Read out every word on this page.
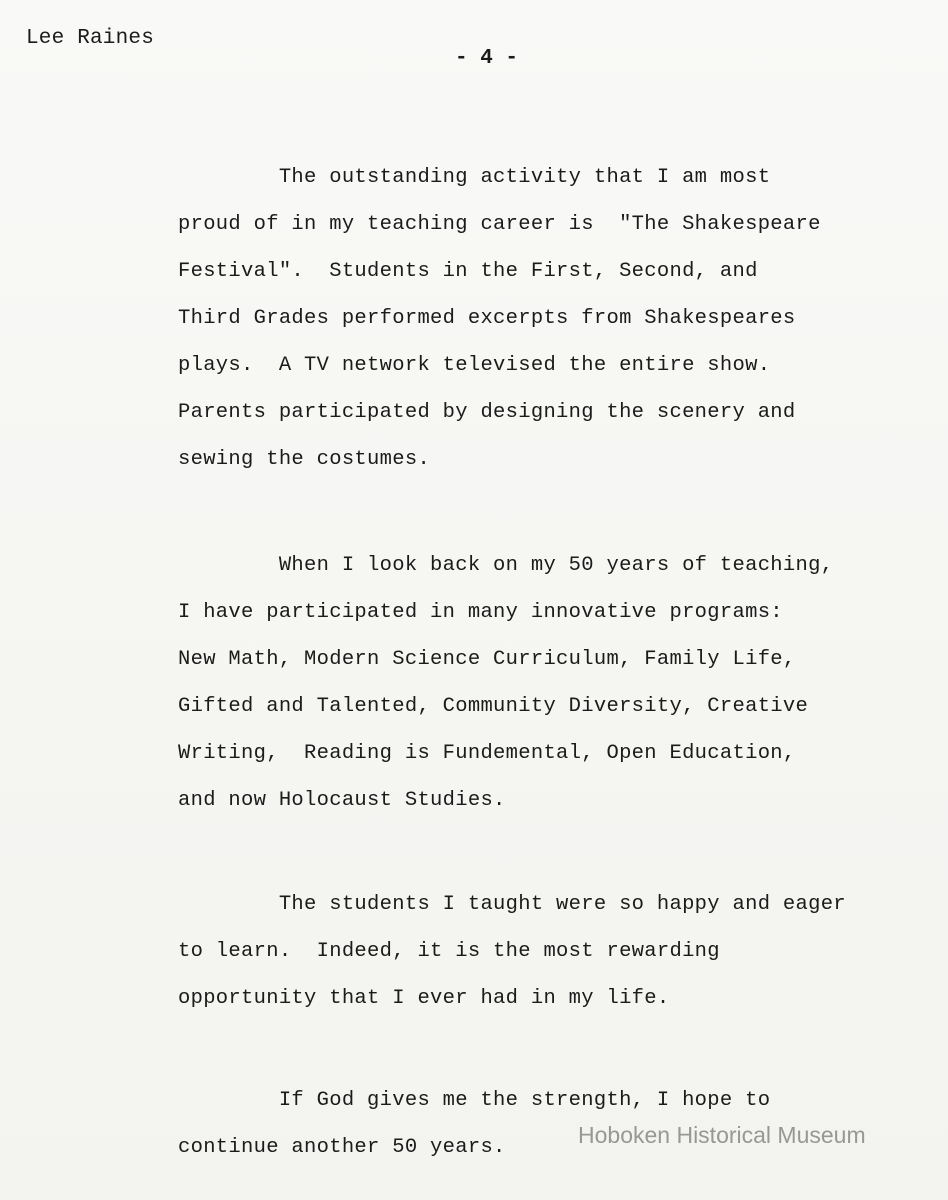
Lee Raines
- 4 -
The outstanding activity that I am most
proud of in my teaching career is  "The Shakespeare
Festival".  Students in the First, Second, and
Third Grades performed excerpts from Shakespeares
plays.  A TV network televised the entire show.
Parents participated by designing the scenery and
sewing the costumes.
When I look back on my 50 years of teaching,
I have participated in many innovative programs:
New Math, Modern Science Curriculum, Family Life,
Gifted and Talented, Community Diversity, Creative
Writing,  Reading is Fundemental, Open Education,
and now Holocaust Studies.
The students I taught were so happy and eager
to learn.  Indeed, it is the most rewarding
opportunity that I ever had in my life.
If God gives me the strength, I hope to
continue another 50 years.	Hoboken Historical Museum
